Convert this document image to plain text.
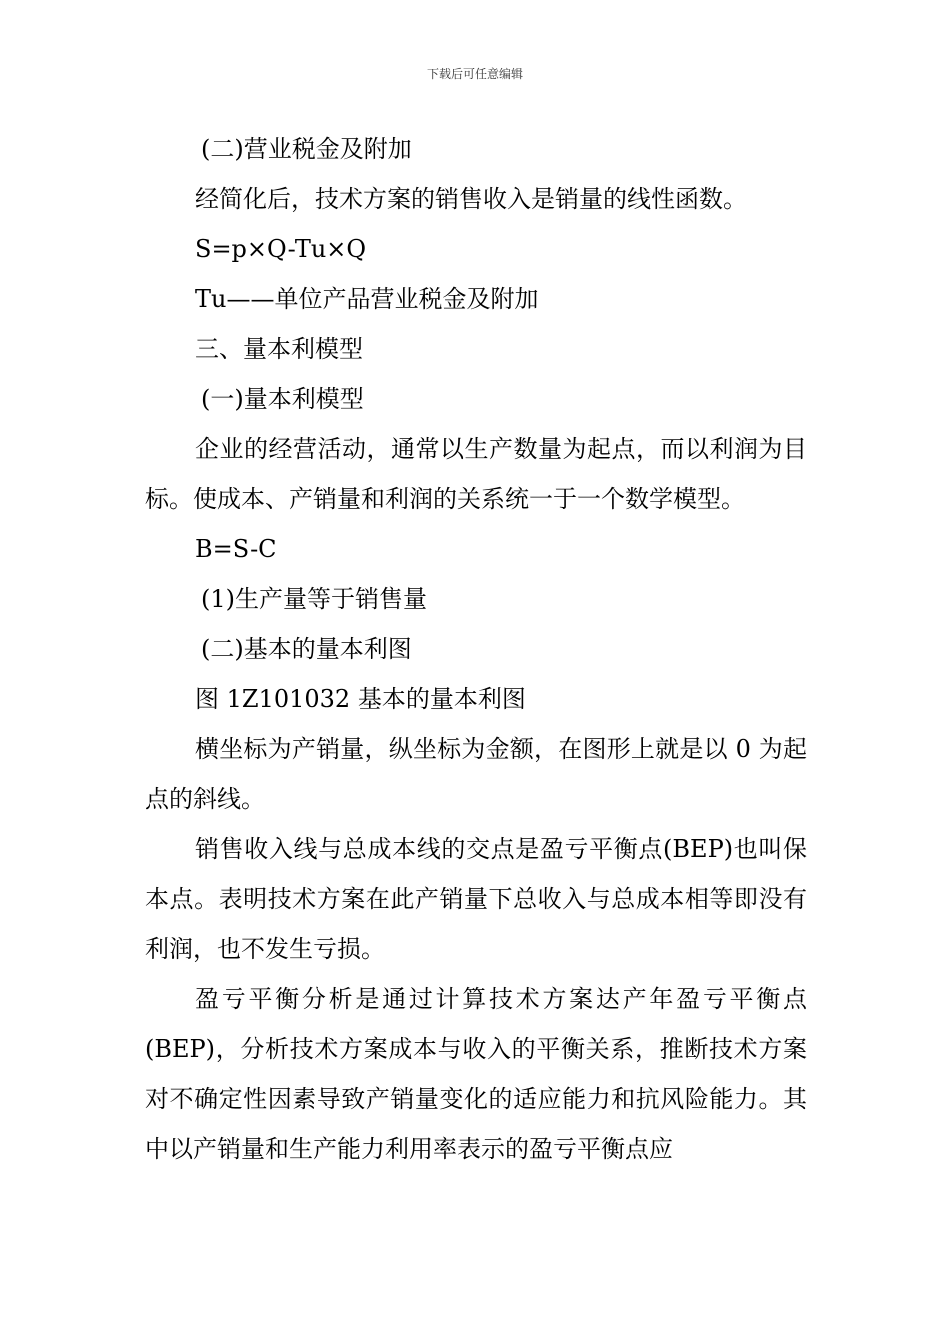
下载后可任意编辑

(二)营业税金及附加

经简化后，技术方案的销售收入是销量的线性函数。

S=p×Q-Tu×Q

Tu——单位产品营业税金及附加

三、量本利模型

(一)量本利模型

企业的经营活动，通常以生产数量为起点，而以利润为目标。使成本、产销量和利润的关系统一于一个数学模型。

B=S-C

(1)生产量等于销售量

(二)基本的量本利图

图 1Z101032 基本的量本利图

横坐标为产销量，纵坐标为金额，在图形上就是以 0 为起点的斜线。

销售收入线与总成本线的交点是盈亏平衡点(BEP)也叫保本点。表明技术方案在此产销量下总收入与总成本相等即没有利润，也不发生亏损。

盈亏平衡分析是通过计算技术方案达产年盈亏平衡点(BEP)，分析技术方案成本与收入的平衡关系，推断技术方案对不确定性因素导致产销量变化的适应能力和抗风险能力。其中以产销量和生产能力利用率表示的盈亏平衡点应
